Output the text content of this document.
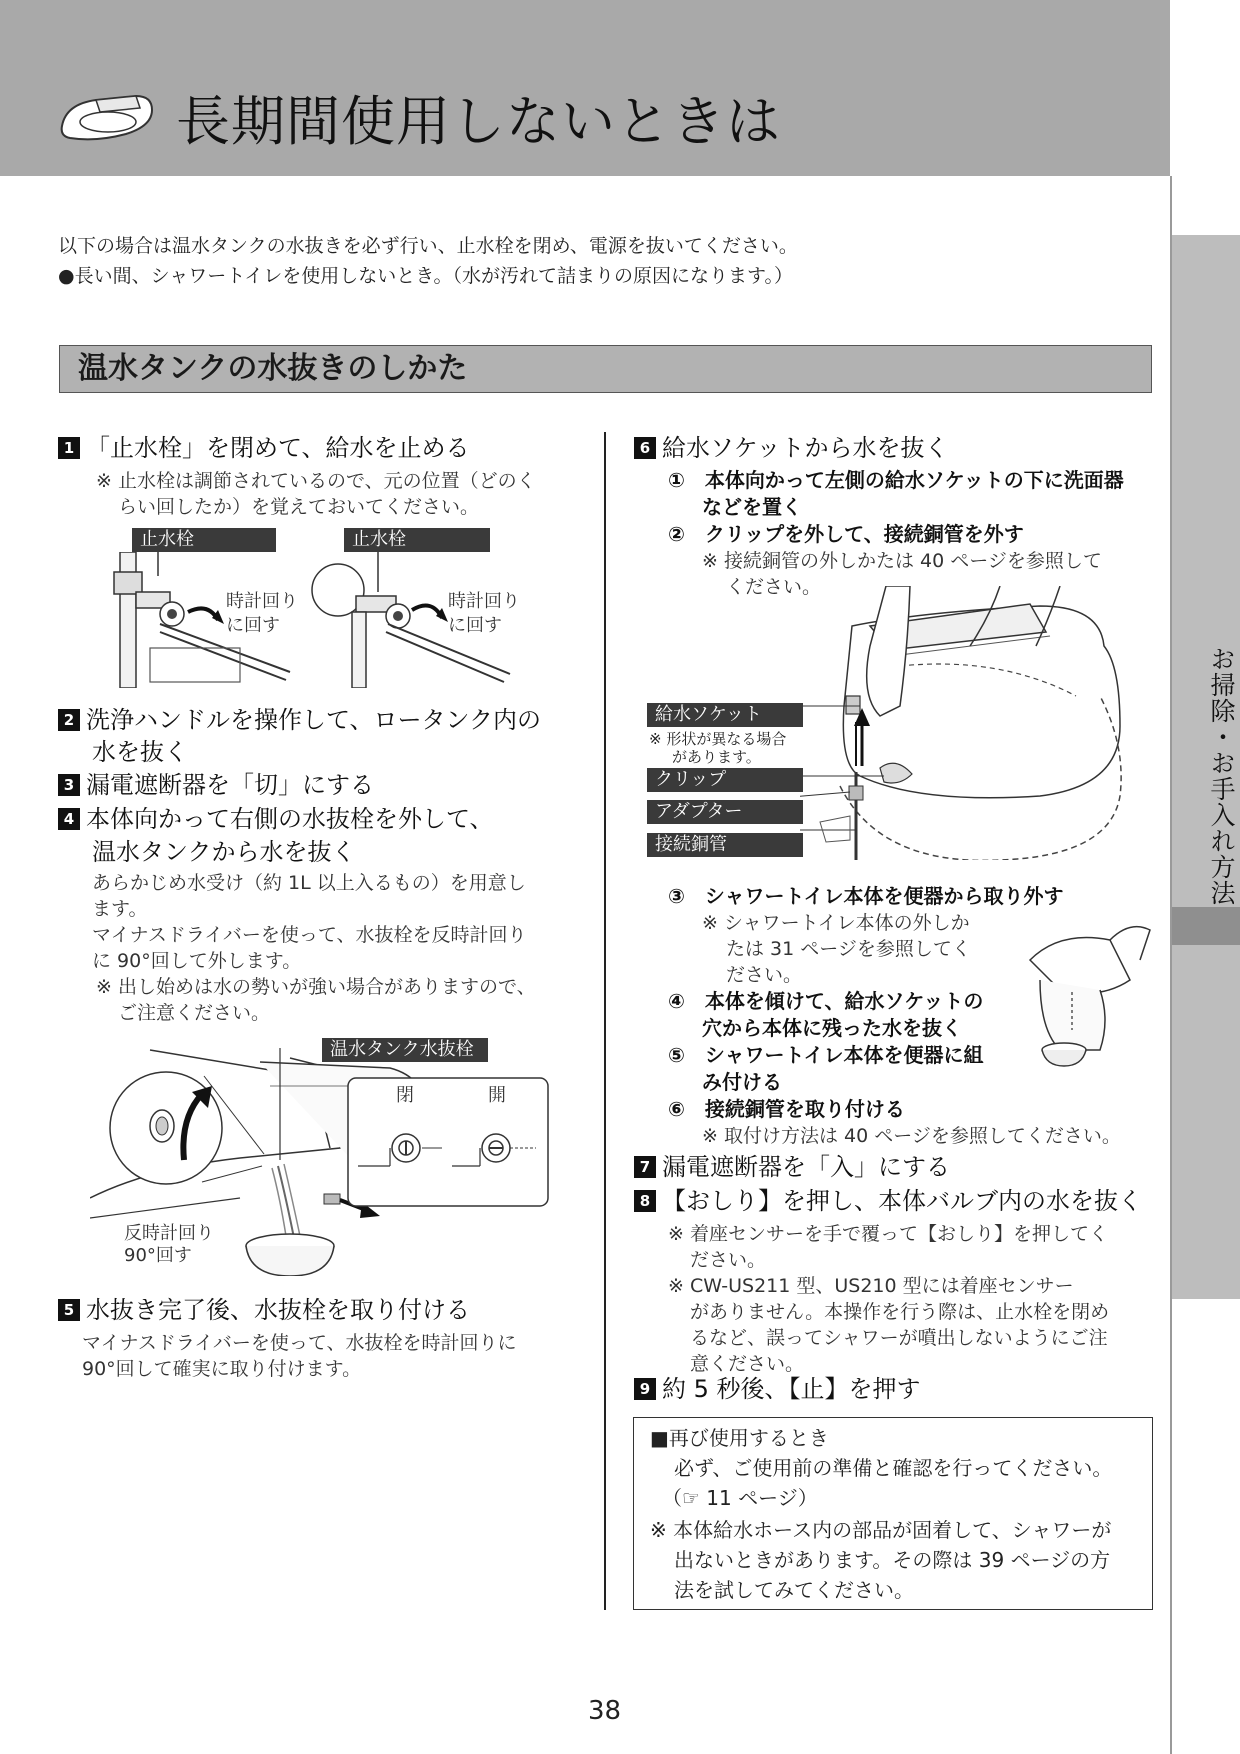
長期間使用しないときは
お掃除・お手入れ方法
以下の場合は温水タンクの水抜きを必ず行い、止水栓を閉め、電源を抜いてください。
●長い間、シャワートイレを使用しないとき。（水が汚れて詰まりの原因になります。）
温水タンクの水抜きのしかた
1 「止水栓」を閉めて、給水を止める
※ 止水栓は調節されているので、元の位置（どのく
らい回したか）を覚えておいてください。
止水栓	止水栓
時計回り
に回す
時計回り
に回す
2 洗浄ハンドルを操作して、ロータンク内の
水を抜く
3 漏電遮断器を「切」にする
4 本体向かって右側の水抜栓を外して、
温水タンクから水を抜く
あらかじめ水受け（約 1L 以上入るもの）を用意し
ます。
マイナスドライバーを使って、水抜栓を反時計回り
に 90°回して外します。
※ 出し始めは水の勢いが強い場合がありますので、
ご注意ください。
温水タンク水抜栓
閉	開
反時計回り
90°回す
5 水抜き完了後、水抜栓を取り付ける
マイナスドライバーを使って、水抜栓を時計回りに
90°回して確実に取り付けます。
6 給水ソケットから水を抜く
①　本体向かって左側の給水ソケットの下に洗面器
などを置く
②　クリップを外して、接続銅管を外す
※ 接続銅管の外しかたは 40 ページを参照して
ください。
給水ソケット
※ 形状が異なる場合
があります。
クリップ
アダプター
接続銅管
③　シャワートイレ本体を便器から取り外す
※ シャワートイレ本体の外しか
たは 31 ページを参照してく
ださい。
④　本体を傾けて、給水ソケットの
穴から本体に残った水を抜く
⑤　シャワートイレ本体を便器に組
み付ける
⑥　接続銅管を取り付ける
※ 取付け方法は 40 ページを参照してください。
7 漏電遮断器を「入」にする
8 【おしり】を押し、本体バルブ内の水を抜く
※ 着座センサーを手で覆って【おしり】を押してく
ださい。
※ CW-US211 型、US210 型には着座センサー
がありません。本操作を行う際は、止水栓を閉め
るなど、誤ってシャワーが噴出しないようにご注
意ください。
9 約 5 秒後、【止】を押す
■再び使用するとき
必ず、ご使用前の準備と確認を行ってください。
（☞ 11 ページ）
※ 本体給水ホース内の部品が固着して、シャワーが
出ないときがあります。その際は 39 ページの方
法を試してみてください。
38
